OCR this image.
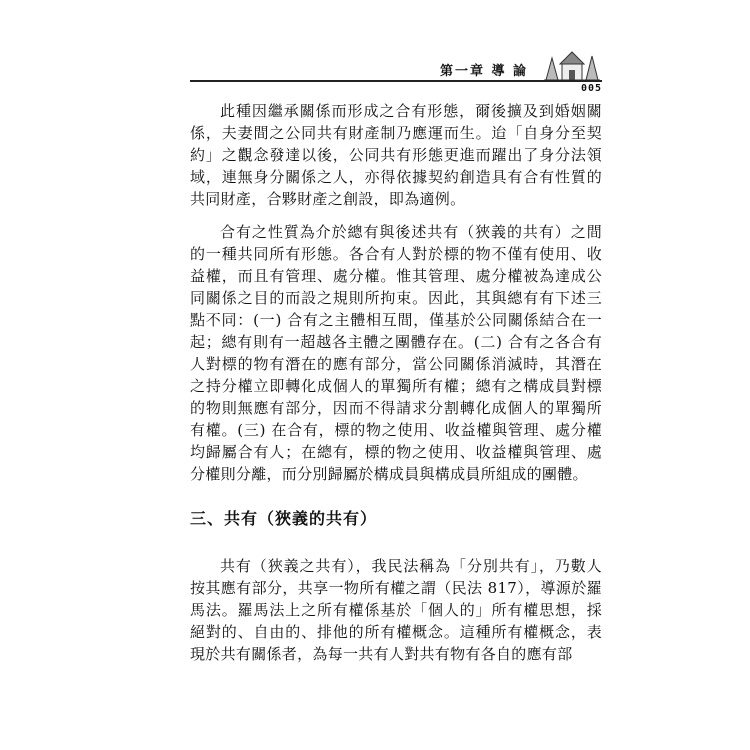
第一章 導 論
005

此種因繼承關係而形成之合有形態，爾後擴及到婚姻關係，夫妻間之公同共有財產制乃應運而生。迨「自身分至契約」之觀念發達以後，公同共有形態更進而躍出了身分法領域，連無身分關係之人，亦得依據契約創造具有合有性質的共同財產，合夥財產之創設，即為適例。

合有之性質為介於總有與後述共有（狹義的共有）之間的一種共同所有形態。各合有人對於標的物不僅有使用、收益權，而且有管理、處分權。惟其管理、處分權被為達成公同關係之目的而設之規則所拘束。因此，其與總有有下述三點不同：(一) 合有之主體相互間，僅基於公同關係結合在一起；總有則有一超越各主體之團體存在。(二) 合有之各合有人對標的物有潛在的應有部分，當公同關係消滅時，其潛在之持分權立即轉化成個人的單獨所有權；總有之構成員對標的物則無應有部分，因而不得請求分割轉化成個人的單獨所有權。(三) 在合有，標的物之使用、收益權與管理、處分權均歸屬合有人；在總有，標的物之使用、收益權與管理、處分權則分離，而分別歸屬於構成員與構成員所組成的團體。

三、共有（狹義的共有）

共有（狹義之共有），我民法稱為「分別共有」，乃數人按其應有部分，共享一物所有權之謂（民法 817），導源於羅馬法。羅馬法上之所有權係基於「個人的」所有權思想，採絕對的、自由的、排他的所有權概念。這種所有權概念，表現於共有關係者，為每一共有人對共有物有各自的應有部
